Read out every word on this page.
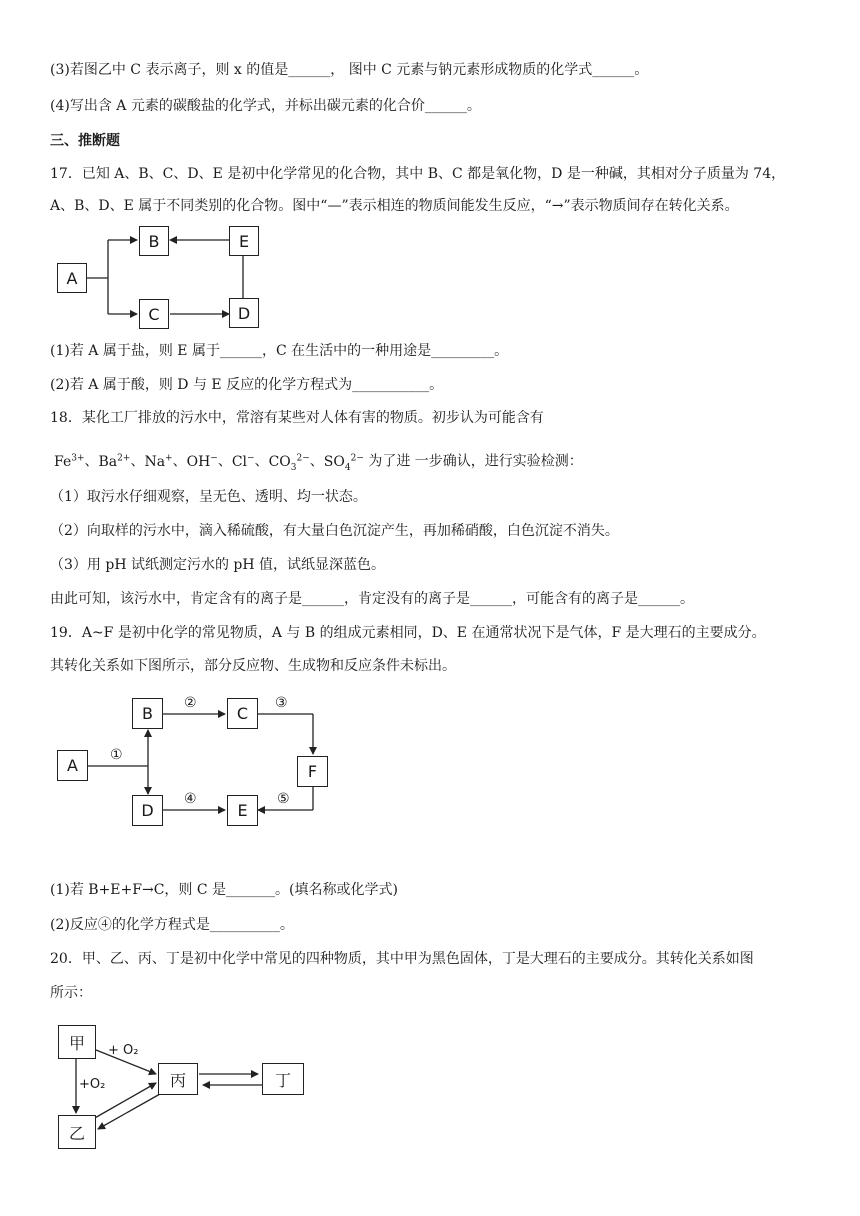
(3)若图乙中 C 表示离子，则 x 的值是______， 图中 C 元素与钠元素形成物质的化学式______。
(4)写出含 A 元素的碳酸盐的化学式，并标出碳元素的化合价______。
三、推断题
17．已知 A、B、C、D、E 是初中化学常见的化合物，其中 B、C 都是氧化物，D 是一种碱，其相对分子质量为 74，
A、B、D、E 属于不同类别的化合物。图中“—”表示相连的物质间能发生反应，“→”表示物质间存在转化关系。
A
B
C
E
D
(1)若 A 属于盐，则 E 属于______，C 在生活中的一种用途是_________。
(2)若 A 属于酸，则 D 与 E 反应的化学方程式为___________。
18．某化工厂排放的污水中，常溶有某些对人体有害的物质。初步认为可能含有
$Fe^{3+}$、$Ba^{2+}$、Na+、OH−、Cl−、$CO_3^{2-}$、$SO_4^{2-}$ 为了进 一步确认，进行实验检测：
（1）取污水仔细观察，呈无色、透明、均一状态。
（2）向取样的污水中，滴入稀硫酸，有大量白色沉淀产生，再加稀硝酸，白色沉淀不消失。
（3）用 pH 试纸测定污水的 pH 值，试纸显深蓝色。
由此可知，该污水中，肯定含有的离子是______，肯定没有的离子是______，可能含有的离子是______。
19．A~F 是初中化学的常见物质，A 与 B 的组成元素相同，D、E 在通常状况下是气体，F 是大理石的主要成分。
其转化关系如下图所示，部分反应物、生成物和反应条件未标出。
A
B	C
F
D	E
①
②	③
④	⑤
(1)若 B+E+F→C，则 C 是_______。(填名称或化学式)
(2)反应④的化学方程式是__________。
20．甲、乙、丙、丁是初中化学中常见的四种物质，其中甲为黑色固体，丁是大理石的主要成分。其转化关系如图
所示：
甲
丙	丁
乙
+ O₂
+O₂
